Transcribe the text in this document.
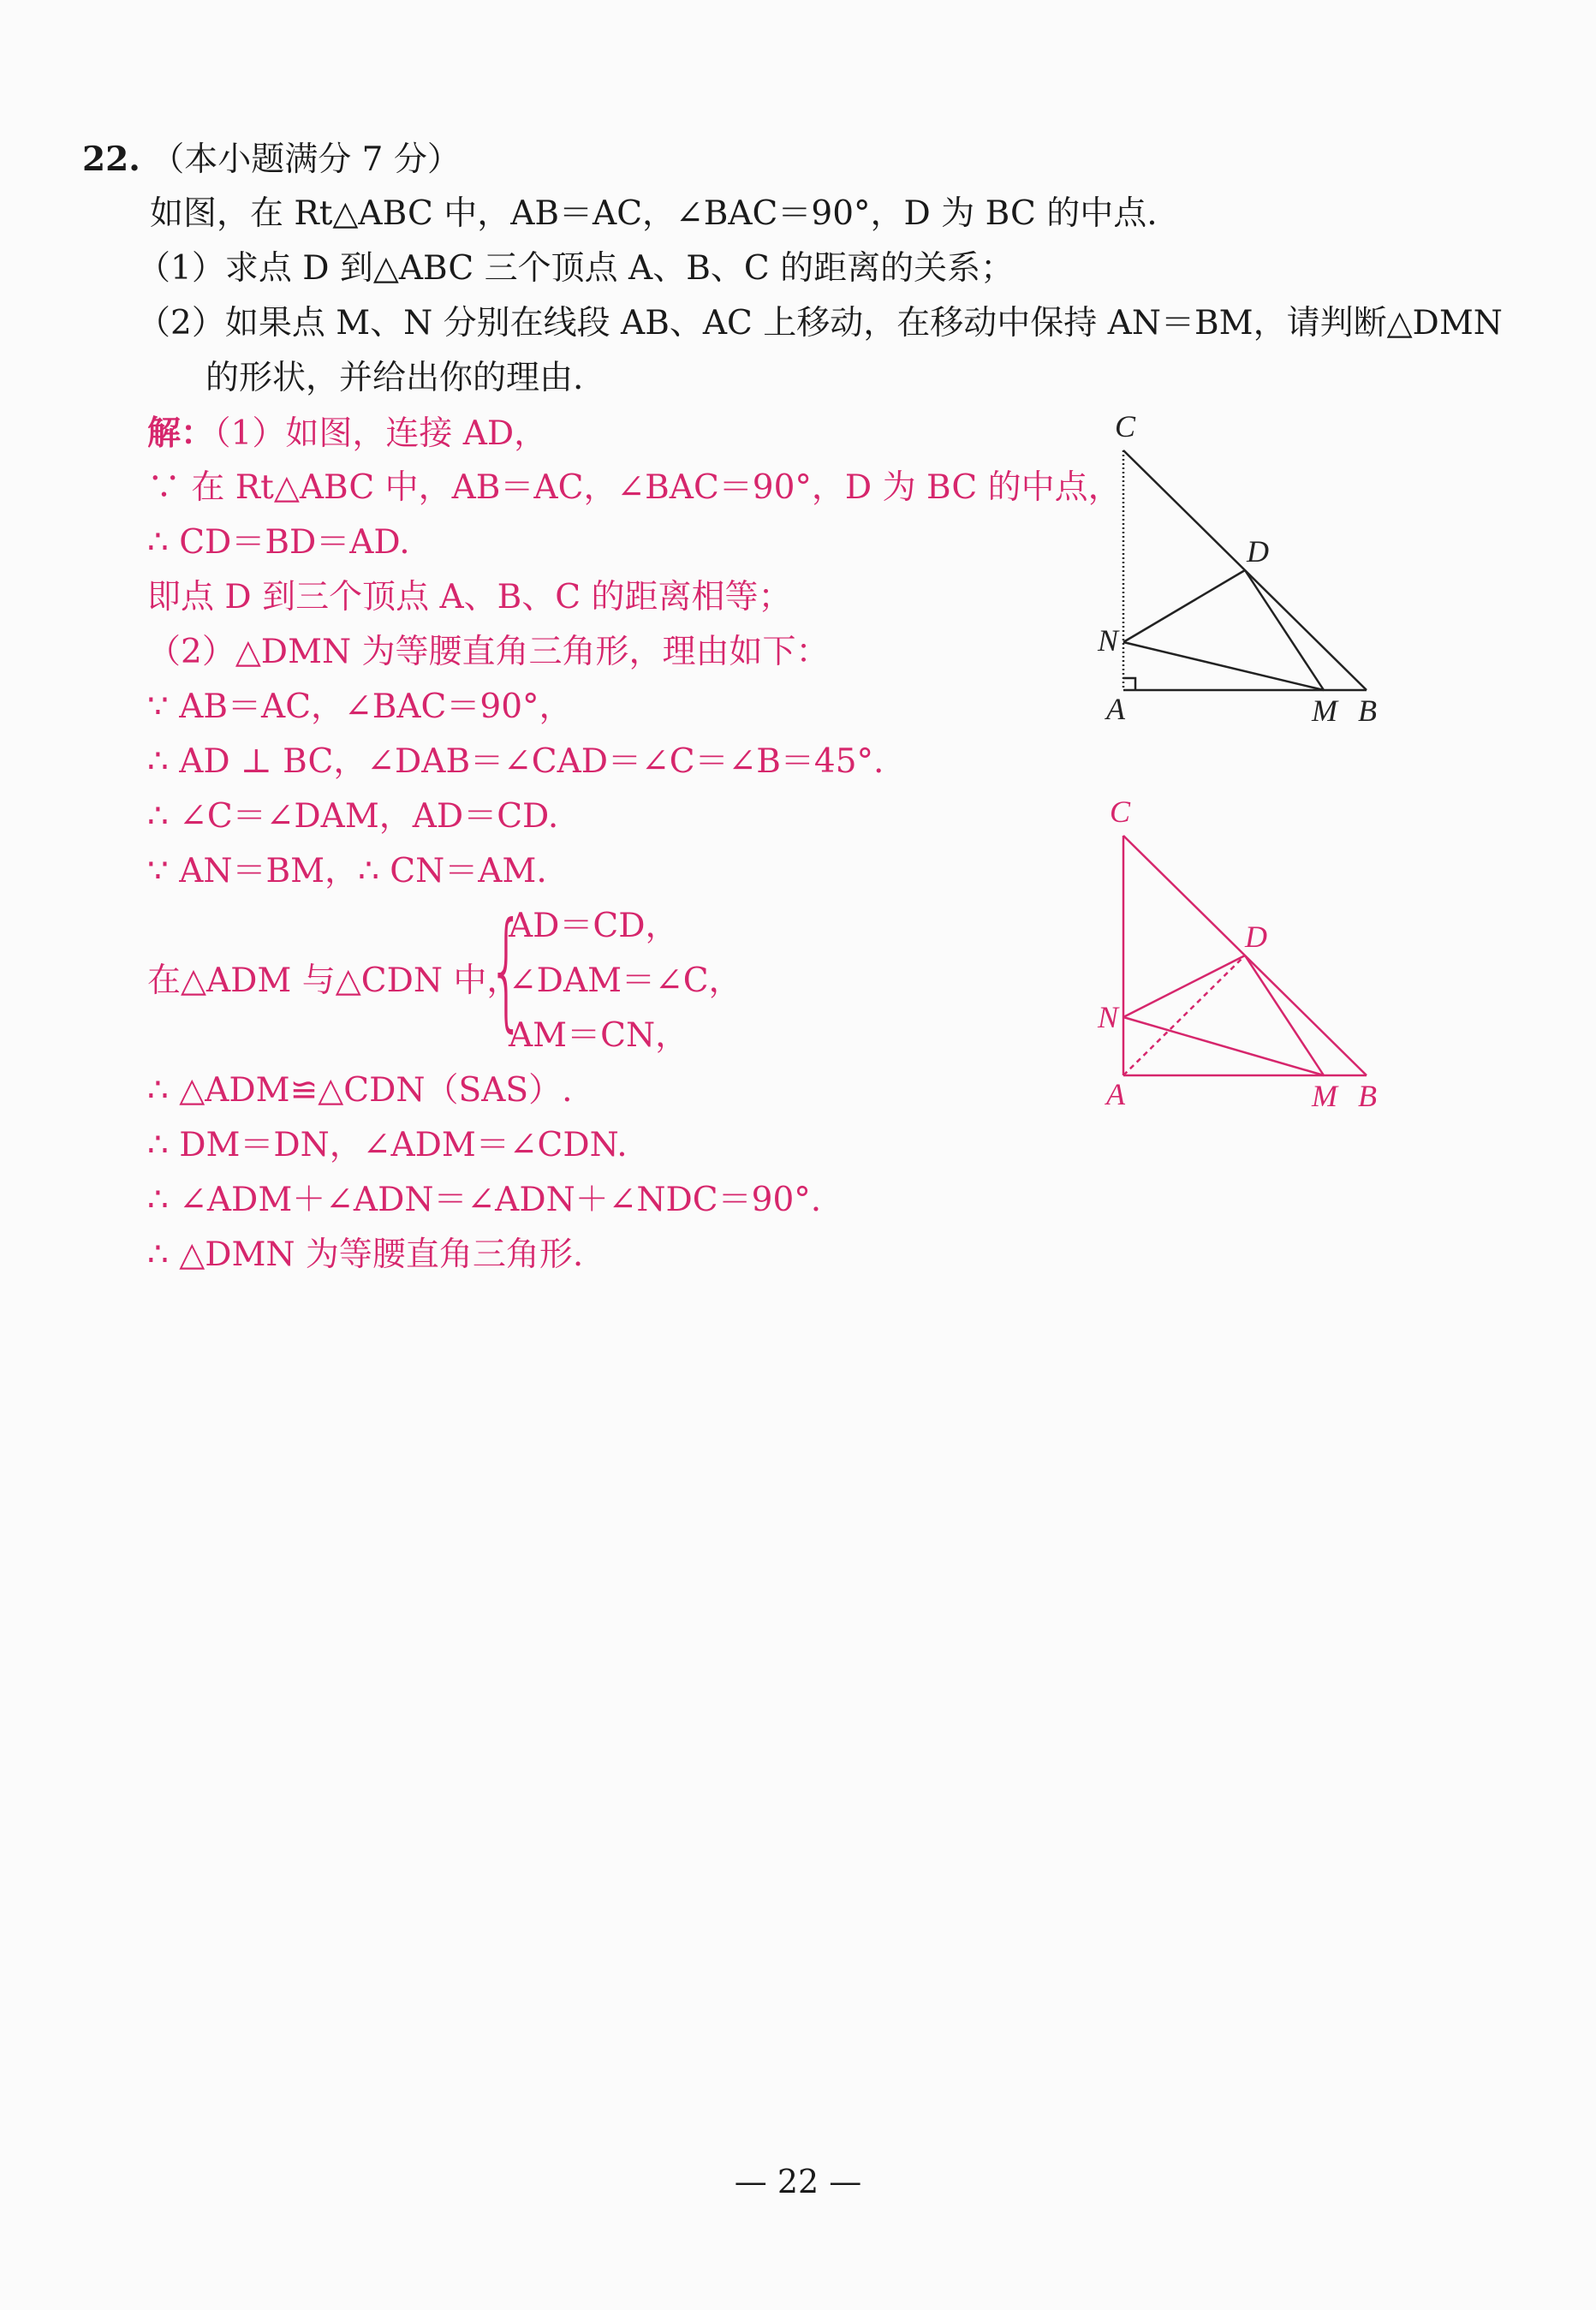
22. （本小题满分 7 分）
如图，在 Rt△ABC 中，AB＝AC，∠BAC＝90°，D 为 BC 的中点.
（1）求点 D 到△ABC 三个顶点 A、B、C 的距离的关系；
（2）如果点 M、N 分别在线段 AB、AC 上移动，在移动中保持 AN＝BM，请判断△DMN
的形状，并给出你的理由.
解：（1）如图，连接 AD，
∵ 在 Rt△ABC 中，AB＝AC，∠BAC＝90°，D 为 BC 的中点，
∴ CD＝BD＝AD.
即点 D 到三个顶点 A、B、C 的距离相等；
（2）△DMN 为等腰直角三角形，理由如下：
∵ AB＝AC，∠BAC＝90°，
∴ AD ⊥ BC，∠DAB＝∠CAD＝∠C＝∠B＝45°.
∴ ∠C＝∠DAM，AD＝CD.
∵ AN＝BM，∴ CN＝AM.
在△ADM 与△CDN 中，
{
AD＝CD，
∠DAM＝∠C，
AM＝CN，
∴ △ADM≌△CDN（SAS）.
∴ DM＝DN，∠ADM＝∠CDN.
∴ ∠ADM＋∠ADN＝∠ADN＋∠NDC＝90°.
∴ △DMN 为等腰直角三角形.
C
D
N
A	M B
C
D
N
A	M B
— 22 —
